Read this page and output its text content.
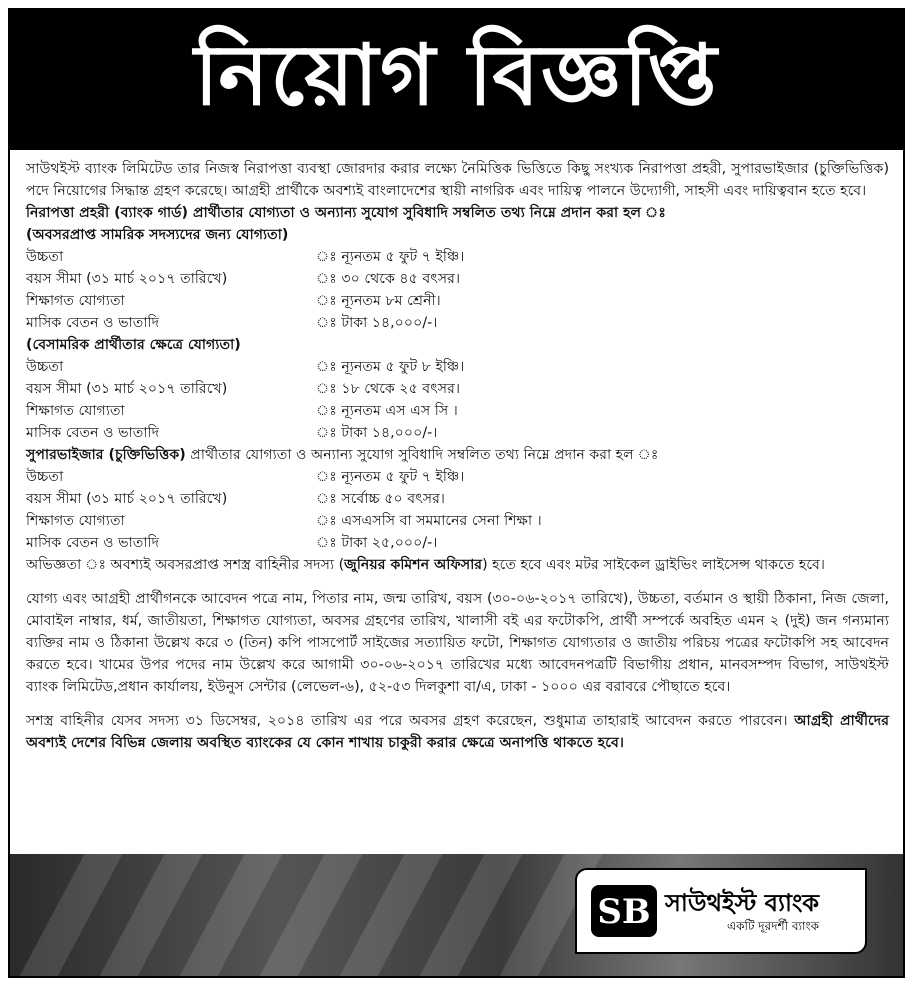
নিয়োগ বিজ্ঞপ্তি

সাউথইস্ট ব্যাংক লিমিটেড তার নিজস্ব নিরাপত্তা ব্যবস্থা জোরদার করার লক্ষ্যে নৈমিত্তিক ভিত্তিতে কিছু সংখ্যক নিরাপত্তা প্রহরী, সুপারভাইজার (চুক্তিভিত্তিক) পদে নিয়োগের সিদ্ধান্ত গ্রহণ করেছে। আগ্রহী প্রার্থীকে অবশ্যই বাংলাদেশের স্থায়ী নাগরিক এবং দায়িত্ব পালনে উদ্যোগী, সাহসী এবং দায়িত্ববান হতে হবে।

নিরাপত্তা প্রহরী (ব্যাংক গার্ড) প্রার্থীতার যোগ্যতা ও অন্যান্য সুযোগ সুবিধাদি সম্বলিত তথ্য নিম্নে প্রদান করা হল ঃ

(অবসরপ্রাপ্ত সামরিক সদস্যদের জন্য যোগ্যতা)

উচ্চতা	ঃ ন্যূনতম ৫ ফুট ৭ ইঞ্চি।
বয়স সীমা (৩১ মার্চ ২০১৭ তারিখে)	ঃ ৩০ থেকে ৪৫ বৎসর।
শিক্ষাগত যোগ্যতা	ঃ ন্যূনতম ৮ম শ্রেনী।
মাসিক বেতন ও ভাতাদি	ঃ টাকা ১৪,০০০/-।

(বেসামরিক প্রার্থীতার ক্ষেত্রে যোগ্যতা)

উচ্চতা	ঃ ন্যূনতম ৫ ফুট ৮ ইঞ্চি।
বয়স সীমা (৩১ মার্চ ২০১৭ তারিখে)	ঃ ১৮ থেকে ২৫ বৎসর।
শিক্ষাগত যোগ্যতা	ঃ ন্যূনতম এস এস সি ।
মাসিক বেতন ও ভাতাদি	ঃ টাকা ১৪,০০০/-।

সুপারভাইজার (চুক্তিভিত্তিক) প্রার্থীতার যোগ্যতা ও অন্যান্য সুযোগ সুবিধাদি সম্বলিত তথ্য নিম্নে প্রদান করা হল ঃ

উচ্চতা	ঃ ন্যূনতম ৫ ফুট ৭ ইঞ্চি।
বয়স সীমা (৩১ মার্চ ২০১৭ তারিখে)	ঃ সর্বোচ্চ ৫০ বৎসর।
শিক্ষাগত যোগ্যতা	ঃ এসএসসি বা সমমানের সেনা শিক্ষা ।
মাসিক বেতন ও ভাতাদি	ঃ টাকা ২৫,০০০/-।

অভিজ্ঞতা ঃ অবশ্যই অবসরপ্রাপ্ত সশস্ত্র বাহিনীর সদস্য (জুনিয়র কমিশন অফিসার) হতে হবে এবং মটর সাইকেল ড্রাইভিং লাইসেন্স থাকতে হবে।

যোগ্য এবং আগ্রহী প্রার্থীগনকে আবেদন পত্রে নাম, পিতার নাম, জন্ম তারিখ, বয়স (৩০-০৬-২০১৭ তারিখে), উচ্চতা, বর্তমান ও স্থায়ী ঠিকানা, নিজ জেলা, মোবাইল নাম্বার, ধর্ম, জাতীয়তা, শিক্ষাগত যোগ্যতা, অবসর গ্রহণের তারিখ, খালাসী বই এর ফটোকপি, প্রার্থী সম্পর্কে অবহিত এমন ২ (দুই) জন গন্যমান্য ব্যক্তির নাম ও ঠিকানা উল্লেখ করে ৩ (তিন) কপি পাসপোর্ট সাইজের সত্যায়িত ফটো, শিক্ষাগত যোগ্যতার ও জাতীয় পরিচয় পত্রের ফটোকপি সহ আবেদন করতে হবে। খামের উপর পদের নাম উল্লেখ করে আগামী ৩০-০৬-২০১৭ তারিখের মধ্যে আবেদনপত্রটি বিভাগীয় প্রধান, মানবসম্পদ বিভাগ, সাউথইস্ট ব্যাংক লিমিটেড,প্রধান কার্যালয়, ইউনুস সেন্টার (লেভেল-৬), ৫২-৫৩ দিলকুশা বা/এ, ঢাকা - ১০০০ এর বরাবরে পৌছাতে হবে।

সশস্ত্র বাহিনীর যেসব সদস্য ৩১ ডিসেম্বর, ২০১৪ তারিখ এর পরে অবসর গ্রহণ করেছেন, শুধুমাত্র তাহারাই আবেদন করতে পারবেন। আগ্রহী প্রার্থীদের অবশ্যই দেশের বিভিন্ন জেলায় অবস্থিত ব্যাংকের যে কোন শাখায় চাকুরী করার ক্ষেত্রে অনাপত্তি থাকতে হবে।

SB সাউথইস্ট ব্যাংক
একটি দূরদর্শী ব্যাংক
